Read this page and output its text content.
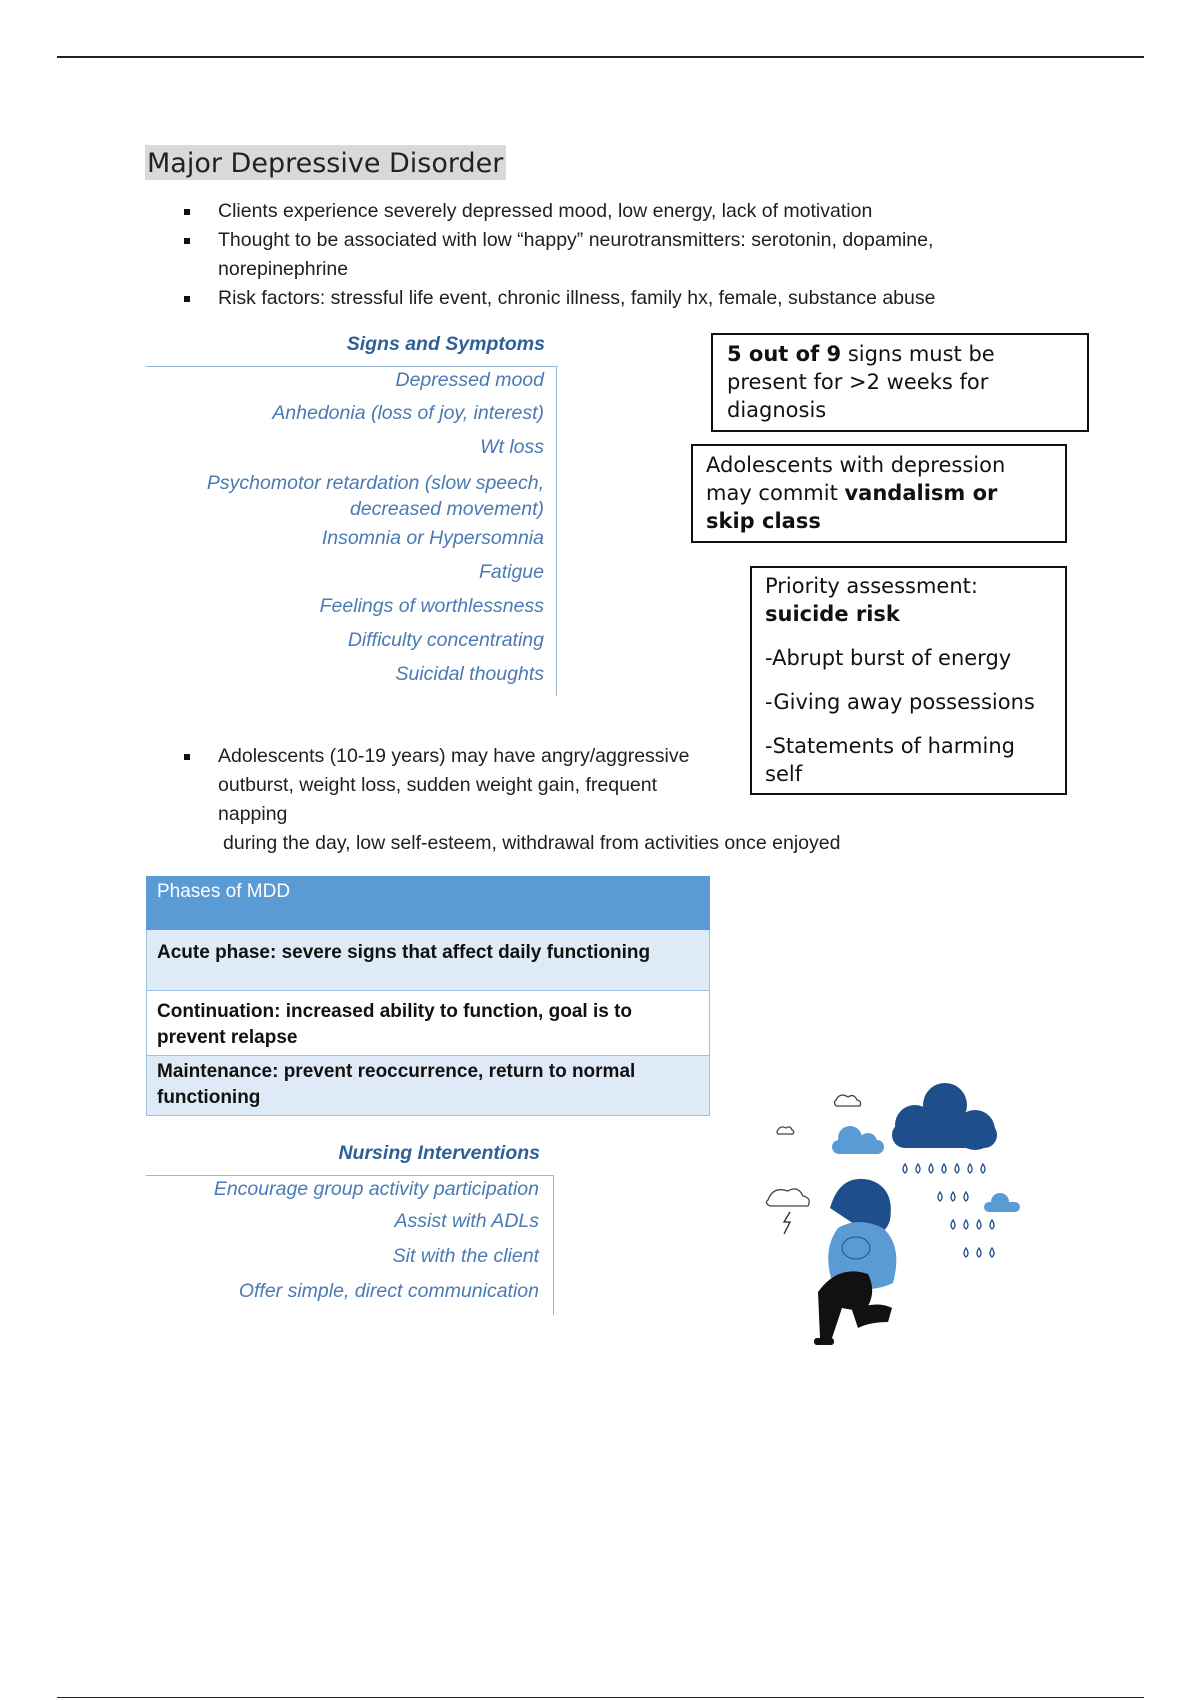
Major Depressive Disorder
Clients experience severely depressed mood, low energy, lack of motivation
Thought to be associated with low “happy” neurotransmitters: serotonin, dopamine, norepinephrine
Risk factors: stressful life event, chronic illness, family hx, female, substance abuse
Signs and Symptoms
Depressed mood
Anhedonia (loss of joy, interest)
Wt loss
Psychomotor retardation (slow speech,
decreased movement)
Insomnia or Hypersomnia
Fatigue
Feelings of worthlessness
Difficulty concentrating
Suicidal thoughts
5 out of 9 signs must be present for >2 weeks for diagnosis
Adolescents with depression may commit vandalism or skip class

Priority assessment:

suicide risk

-Abrupt burst of energy

-Giving away possessions

-Statements of harming self

Adolescents (10-19 years) may have angry/aggressive outburst, weight loss, sudden weight gain, frequent napping
during the day, low self-esteem, withdrawal from activities once enjoyed
Phases of MDD
Acute phase: severe signs that affect daily functioning
Continuation: increased ability to function, goal is to prevent relapse
Maintenance: prevent reoccurrence, return to normal functioning
Nursing Interventions
Encourage group activity participation
Assist with ADLs
Sit with the client
Offer simple, direct communication
